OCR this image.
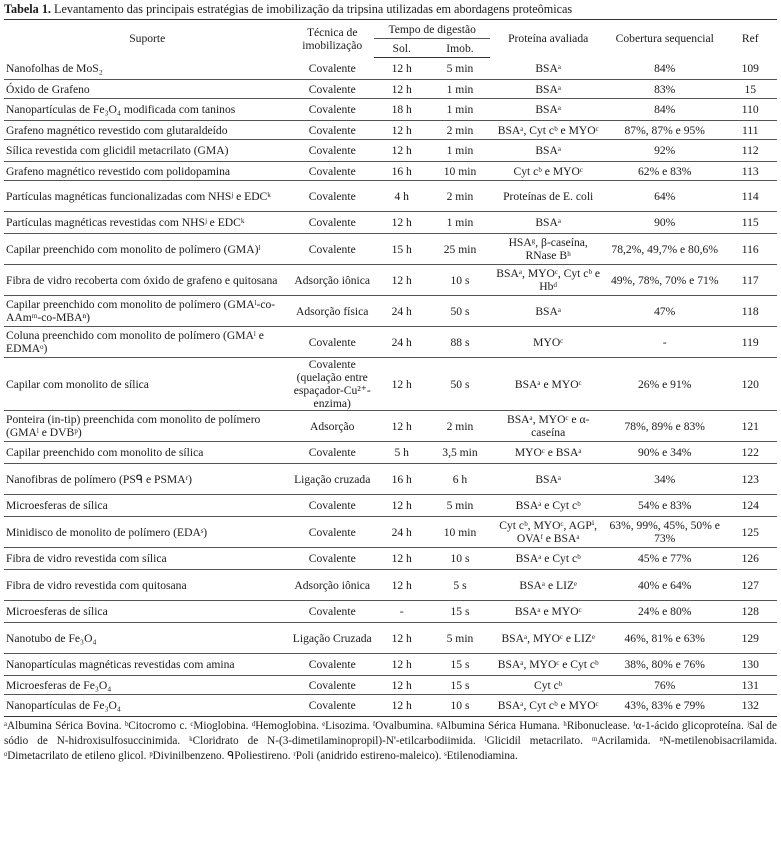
Tabela 1. Levantamento das principais estratégias de imobilização da tripsina utilizadas em abordagens proteômicas
Suporte	Técnica de imobilização	Tempo de digestão		Proteína avaliada	Cobertura sequencial	Ref
		Sol.	Imob.			
Nanofolhas de MoS₂	Covalente	12 h	5 min	BSAᵃ	84%	109
Óxido de Grafeno	Covalente	12 h	1 min	BSAᵃ	83%	15
Nanopartículas de Fe₃O₄ modificada com taninos	Covalente	18 h	1 min	BSAᵃ	84%	110
Grafeno magnético revestido com glutaraldeído	Covalente	12 h	2 min	BSAᵃ, Cyt cᵇ e MYOᶜ	87%, 87% e 95%	111
Sílica revestida com glicidil metacrilato (GMA)	Covalente	12 h	1 min	BSAᵃ	92%	112
Grafeno magnético revestido com polidopamina	Covalente	16 h	10 min	Cyt cᵇ e MYOᶜ	62% e 83%	113
Partículas magnéticas funcionalizadas com NHSʲ e EDCᵏ	Covalente	4 h	2 min	Proteínas de E. coli	64%	114
Partículas magnéticas revestidas com NHSʲ e EDCᵏ	Covalente	12 h	1 min	BSAᵃ	90%	115
Capilar preenchido com monolito de polímero (GMA)ˡ	Covalente	15 h	25 min	HSAᵍ, β-caseína, RNase Bʰ	78,2%, 49,7% e 80,6%	116
Fibra de vidro recoberta com óxido de grafeno e quitosana	Adsorção iônica	12 h	10 s	BSAᵃ, MYOᶜ, Cyt cᵇ e Hbᵈ	49%, 78%, 70% e 71%	117
Capilar preenchido com monolito de polímero (GMAˡ-co-AAmᵐ-co-MBAⁿ)	Adsorção física	24 h	50 s	BSAᵃ	47%	118
Coluna preenchido com monolito de polímero (GMAˡ e EDMAᵒ)	Covalente	24 h	88 s	MYOᶜ	-	119
Capilar com monolito de sílica	Covalente (quelação entre espaçador-Cu²⁺-enzima)	12 h	50 s	BSAᵃ e MYOᶜ	26% e 91%	120
Ponteira (in-tip) preenchida com monolito de polímero (GMAˡ e DVBᵖ)	Adsorção	12 h	2 min	BSAᵃ, MYOᶜ e α-caseína	78%, 89% e 83%	121
Capilar preenchido com monolito de sílica	Covalente	5 h	3,5 min	MYOᶜ e BSAᵃ	90% e 34%	122
Nanofibras de polímero (PSᑫ e PSMAʳ)	Ligação cruzada	16 h	6 h	BSAᵃ	34%	123
Microesferas de sílica	Covalente	12 h	5 min	BSAᵃ e Cyt cᵇ	54% e 83%	124
Minidisco de monolito de polímero (EDAˢ)	Covalente	24 h	10 min	Cyt cᵇ, MYOᶜ, AGPⁱ, OVAᶠ e BSAᵃ	63%, 99%, 45%, 50% e 73%	125
Fibra de vidro revestida com sílica	Covalente	12 h	10 s	BSAᵃ e Cyt cᵇ	45% e 77%	126
Fibra de vidro revestida com quitosana	Adsorção iônica	12 h	5 s	BSAᵃ e LIZᵉ	40% e 64%	127
Microesferas de sílica	Covalente	-	15 s	BSAᵃ e MYOᶜ	24% e 80%	128
Nanotubo de Fe₃O₄	Ligação Cruzada	12 h	5 min	BSAᵃ, MYOᶜ e LIZᵉ	46%, 81% e 63%	129
Nanopartículas magnéticas revestidas com amina	Covalente	12 h	15 s	BSAᵃ, MYOᶜ e Cyt cᵇ	38%, 80% e 76%	130
Microesferas de Fe₃O₄	Covalente	12 h	15 s	Cyt cᵇ	76%	131
Nanopartículas de Fe₃O₄	Covalente	12 h	10 s	BSAᵃ, Cyt cᵇ e MYOᶜ	43%, 83% e 79%	132
ᵃAlbumina Sérica Bovina. ᵇCitocromo c. ᶜMioglobina. ᵈHemoglobina. ᵉLisozima. ᶠOvalbumina. ᵍAlbumina Sérica Humana. ʰRibonuclease. ⁱα-1-ácido glicoproteína. ʲSal de sódio de N-hidroxisulfosuccinimida. ᵏCloridrato de N-(3-dimetilaminopropil)-N'-etilcarbodiimida. ˡGlicidil metacrilato. ᵐAcrilamida. ⁿN-metilenobisacrilamida. ᵒDimetacrilato de etileno glicol. ᵖDivinilbenzeno. ᑫPoliestireno. ʳPoli (anidrido estireno-maleico). ˢEtilenodiamina.
